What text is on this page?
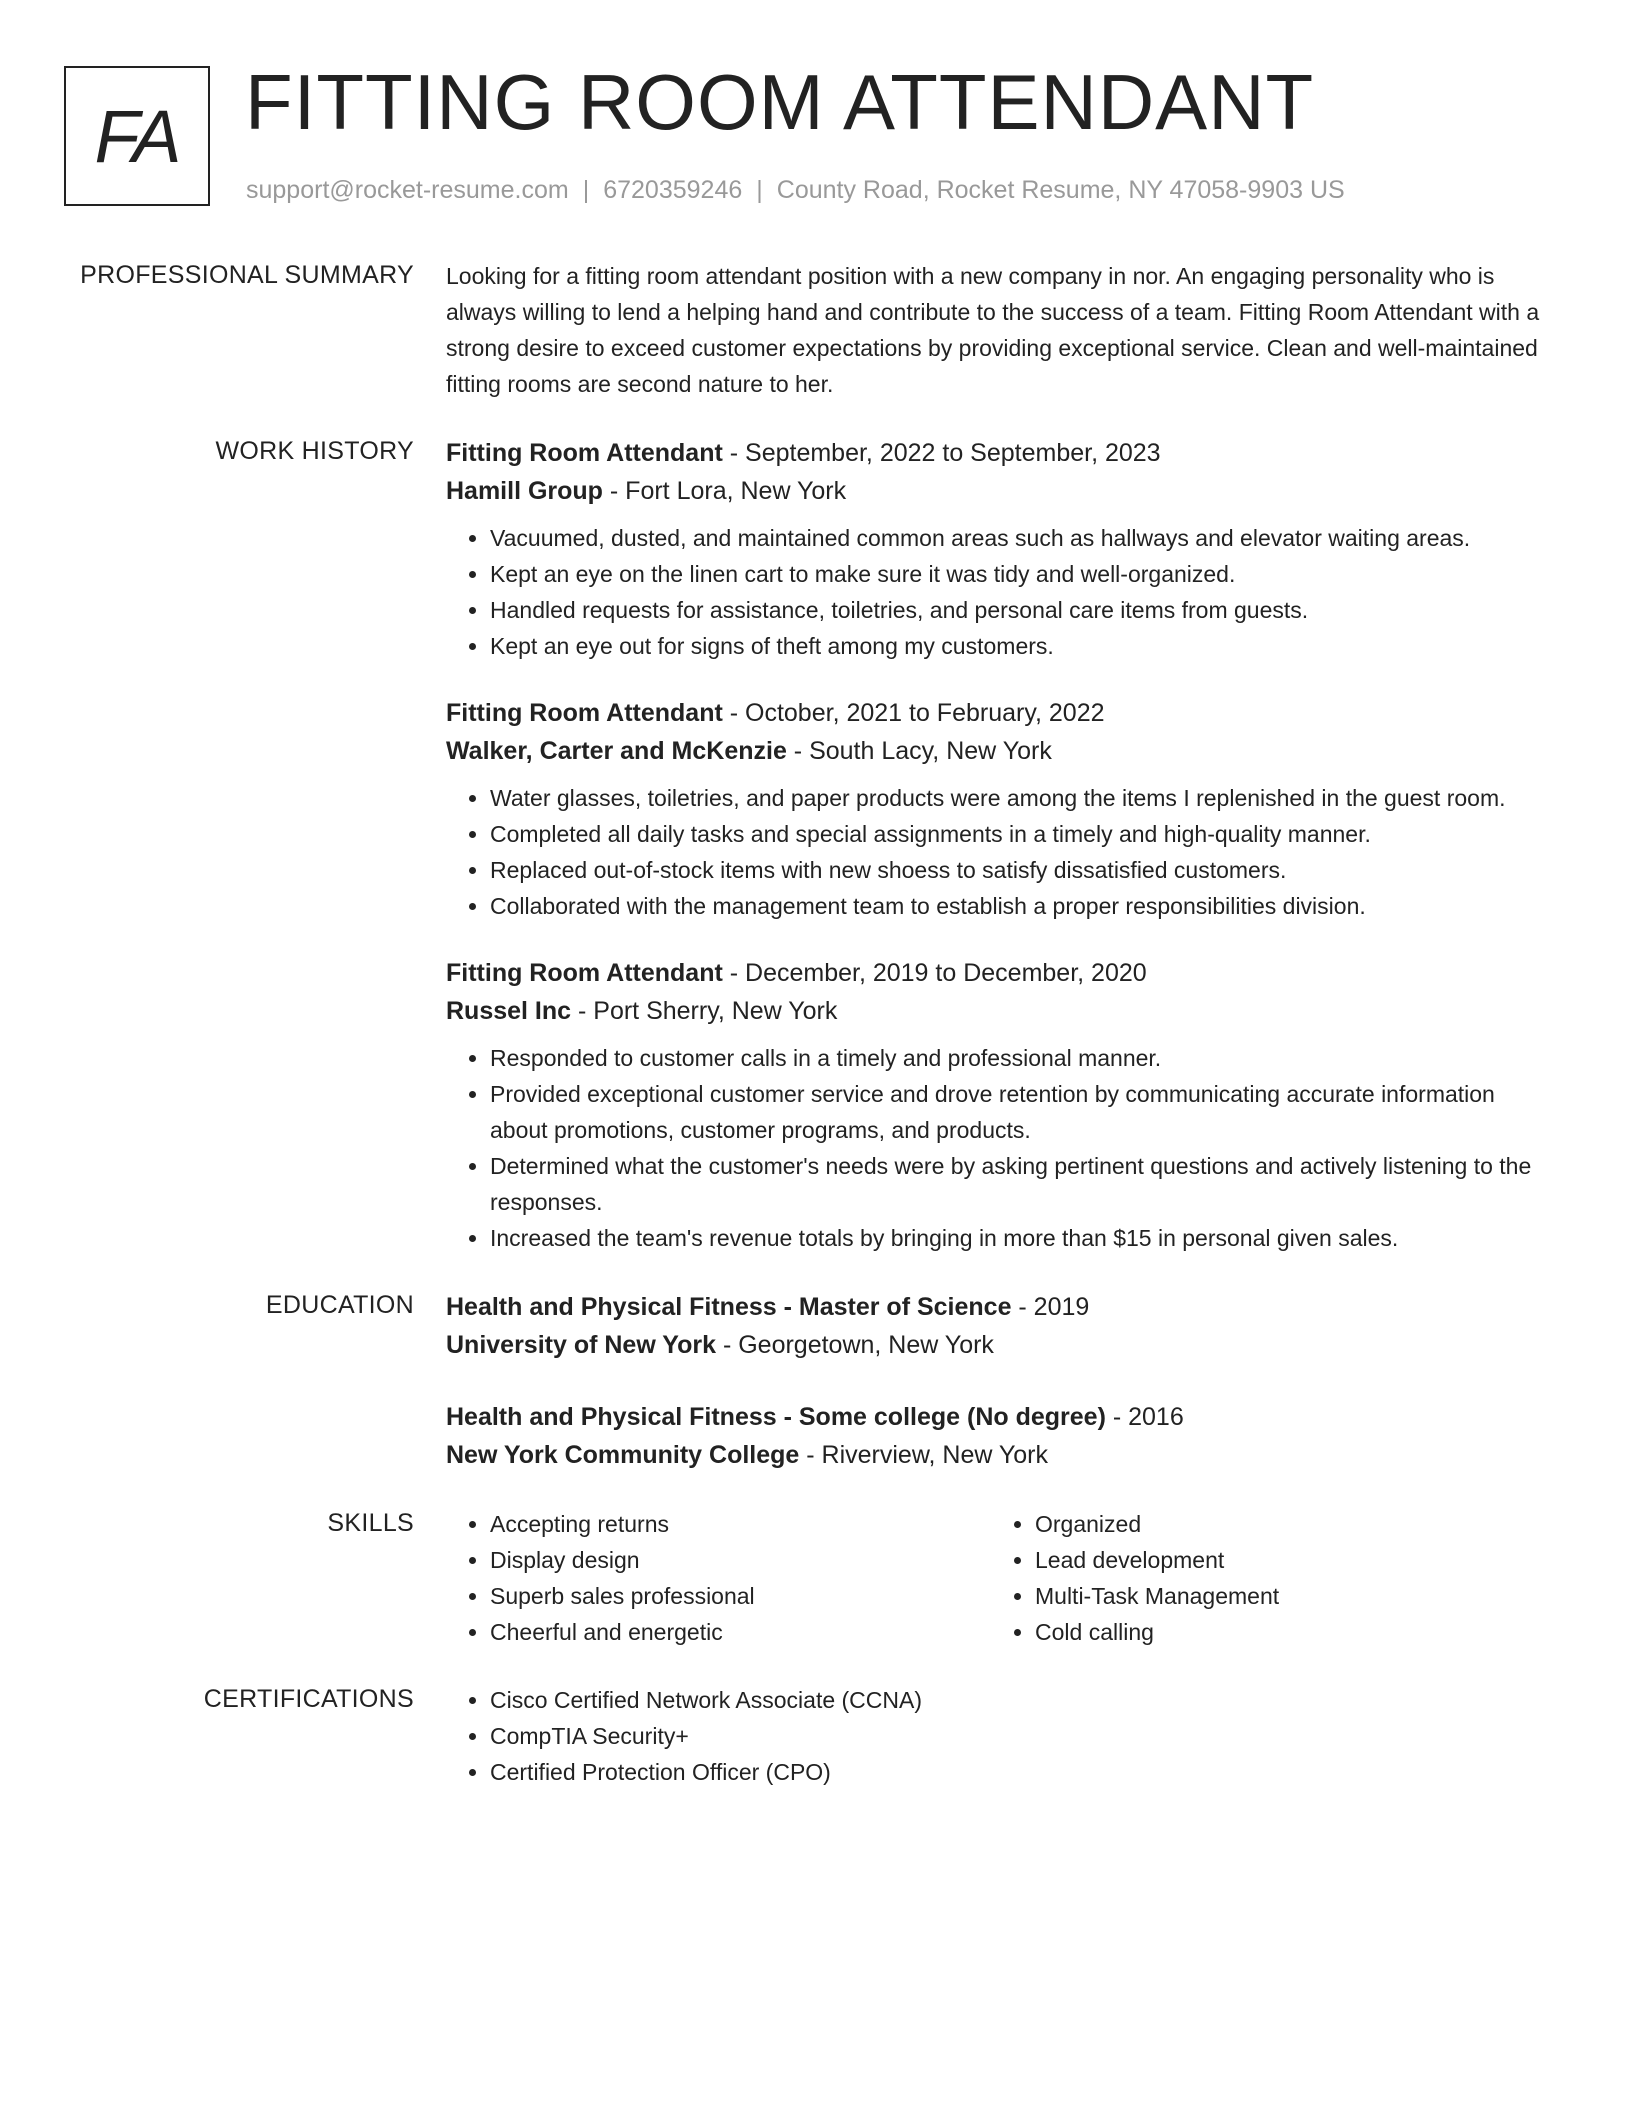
FA FITTING ROOM ATTENDANT
support@rocket-resume.com | 6720359246 | County Road, Rocket Resume, NY 47058-9903 US
PROFESSIONAL SUMMARY Looking for a fitting room attendant position with a new company in nor. An engaging personality who is always willing to lend a helping hand and contribute to the success of a team. Fitting Room Attendant with a strong desire to exceed customer expectations by providing exceptional service. Clean and well-maintained fitting rooms are second nature to her.

WORK HISTORY Fitting Room Attendant - September, 2022 to September, 2023

Hamill Group - Fort Lora, New York

• Vacuumed, dusted, and maintained common areas such as hallways and elevator waiting areas.
• Kept an eye on the linen cart to make sure it was tidy and well-organized.
• Handled requests for assistance, toiletries, and personal care items from guests.
• Kept an eye out for signs of theft among my customers.

Fitting Room Attendant - October, 2021 to February, 2022

Walker, Carter and McKenzie - South Lacy, New York

• Water glasses, toiletries, and paper products were among the items I replenished in the guest room.
• Completed all daily tasks and special assignments in a timely and high-quality manner.
• Replaced out-of-stock items with new shoess to satisfy dissatisfied customers.
• Collaborated with the management team to establish a proper responsibilities division.

Fitting Room Attendant - December, 2019 to December, 2020

Russel Inc - Port Sherry, New York

• Responded to customer calls in a timely and professional manner.
• Provided exceptional customer service and drove retention by communicating accurate information about promotions, customer programs, and products.
• Determined what the customer's needs were by asking pertinent questions and actively listening to the responses.
• Increased the team's revenue totals by bringing in more than $15 in personal given sales.
EDUCATION Health and Physical Fitness - Master of Science - 2019

University of New York - Georgetown, New York

Health and Physical Fitness - Some college (No degree) - 2016

New York Community College - Riverview, New York

SKILLS	• Accepting returns
• Display design
• Superb sales professional
• Cheerful and energetic
• Organized
• Lead development
• Multi-Task Management
• Cold calling
CERTIFICATIONS	• Cisco Certified Network Associate (CCNA)
• CompTIA Security+
• Certified Protection Officer (CPO)
